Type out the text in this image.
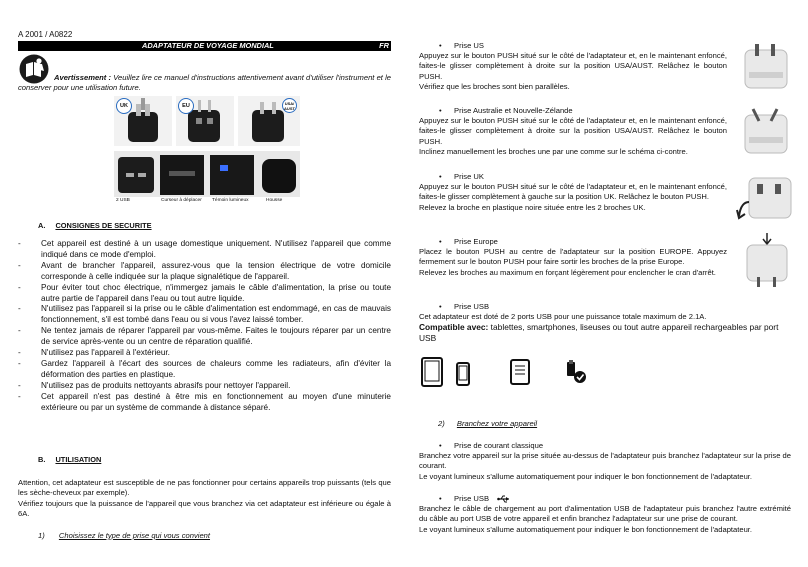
A 2001 / A0822
ADAPTATEUR DE VOYAGE MONDIAL	FR
Avertissement : Veuillez lire ce manuel d'instructions attentivement avant d'utiliser l'instrument et le conserver pour une utilisation future.
UK	EU	USA/ AUST
2 USB	Curseur à déplacer Témoin lumineux	Housse
A. CONSIGNES DE SECURITE
- Cet appareil est destiné à un usage domestique uniquement. N'utilisez l'appareil que comme indiqué dans ce mode d'emploi.
- Avant de brancher l'appareil, assurez-vous que la tension électrique de votre domicile corresponde à celle indiquée sur la plaque signalétique de l'appareil.
- Pour éviter tout choc électrique, n'immergez jamais le câble d'alimentation, la prise ou toute autre partie de l'appareil dans l'eau ou tout autre liquide.
- N'utilisez pas l'appareil si la prise ou le câble d'alimentation est endommagé, en cas de mauvais fonctionnement, s'il est tombé dans l'eau ou si vous l'avez laissé tomber.
- Ne tentez jamais de réparer l'appareil par vous-même. Faites le toujours réparer par un centre de service après-vente ou un centre de réparation qualifié.
- N'utilisez pas l'appareil à l'extérieur.
- Gardez l'appareil à l'écart des sources de chaleurs comme les radiateurs, afin d'éviter la déformation des parties en plastique.
- N'utilisez pas de produits nettoyants abrasifs pour nettoyer l'appareil.
- Cet appareil n'est pas destiné à être mis en fonctionnement au moyen d'une minuterie extérieure ou par un système de commande à distance séparé.
B. UTILISATION
Attention, cet adaptateur est susceptible de ne pas fonctionner pour certains appareils trop puissants (tels que les sèche-cheveux par exemple).
Vérifiez toujours que la puissance de l'appareil que vous branchez via cet adaptateur est inférieure ou égale à 6A.
1) Choisissez le type de prise qui vous convient
• Prise US
Appuyez sur le bouton PUSH situé sur le côté de l'adaptateur et, en le maintenant enfoncé, faites-le glisser complètement à droite sur la position USA/AUST. Relâchez le bouton PUSH.
Vérifiez que les broches sont bien parallèles.
• Prise Australie et Nouvelle-Zélande
Appuyez sur le bouton PUSH situé sur le côté de l'adaptateur et, en le maintenant enfoncé, faites-le glisser complètement à droite sur la position USA/AUST. Relâchez le bouton PUSH.
Inclinez manuellement les broches une par une comme sur le schéma ci-contre.
• Prise UK
Appuyez sur le bouton PUSH situé sur le côté de l'adaptateur et, en le maintenant enfoncé, faites-le glisser complètement à gauche sur la position UK. Relâchez le bouton PUSH.
Relevez la broche en plastique noire située entre les 2 broches UK.
• Prise Europe
Placez le bouton PUSH au centre de l'adaptateur sur la position EUROPE. Appuyez fermement sur le bouton PUSH pour faire sortir les broches de la prise Europe.
Relevez les broches au maximum en forçant légèrement pour enclencher le cran d'arrêt.
• Prise USB
Cet adaptateur est doté de 2 ports USB pour une puissance totale maximum de 2.1A.
Compatible avec: tablettes, smartphones, liseuses ou tout autre appareil rechargeables par port USB
2) Branchez votre appareil
• Prise de courant classique
Branchez votre appareil sur la prise située au-dessus de l'adaptateur puis branchez l'adaptateur sur la prise de courant.
Le voyant lumineux s'allume automatiquement pour indiquer le bon fonctionnement de l'adaptateur.
• Prise USB
Branchez le câble de chargement au port d'alimentation USB de l'adaptateur puis branchez l'autre extrémité du câble au port USB de votre appareil et enfin branchez l'adaptateur sur une prise de courant.
Le voyant lumineux s'allume automatiquement pour indiquer le bon fonctionnement de l'adaptateur.
